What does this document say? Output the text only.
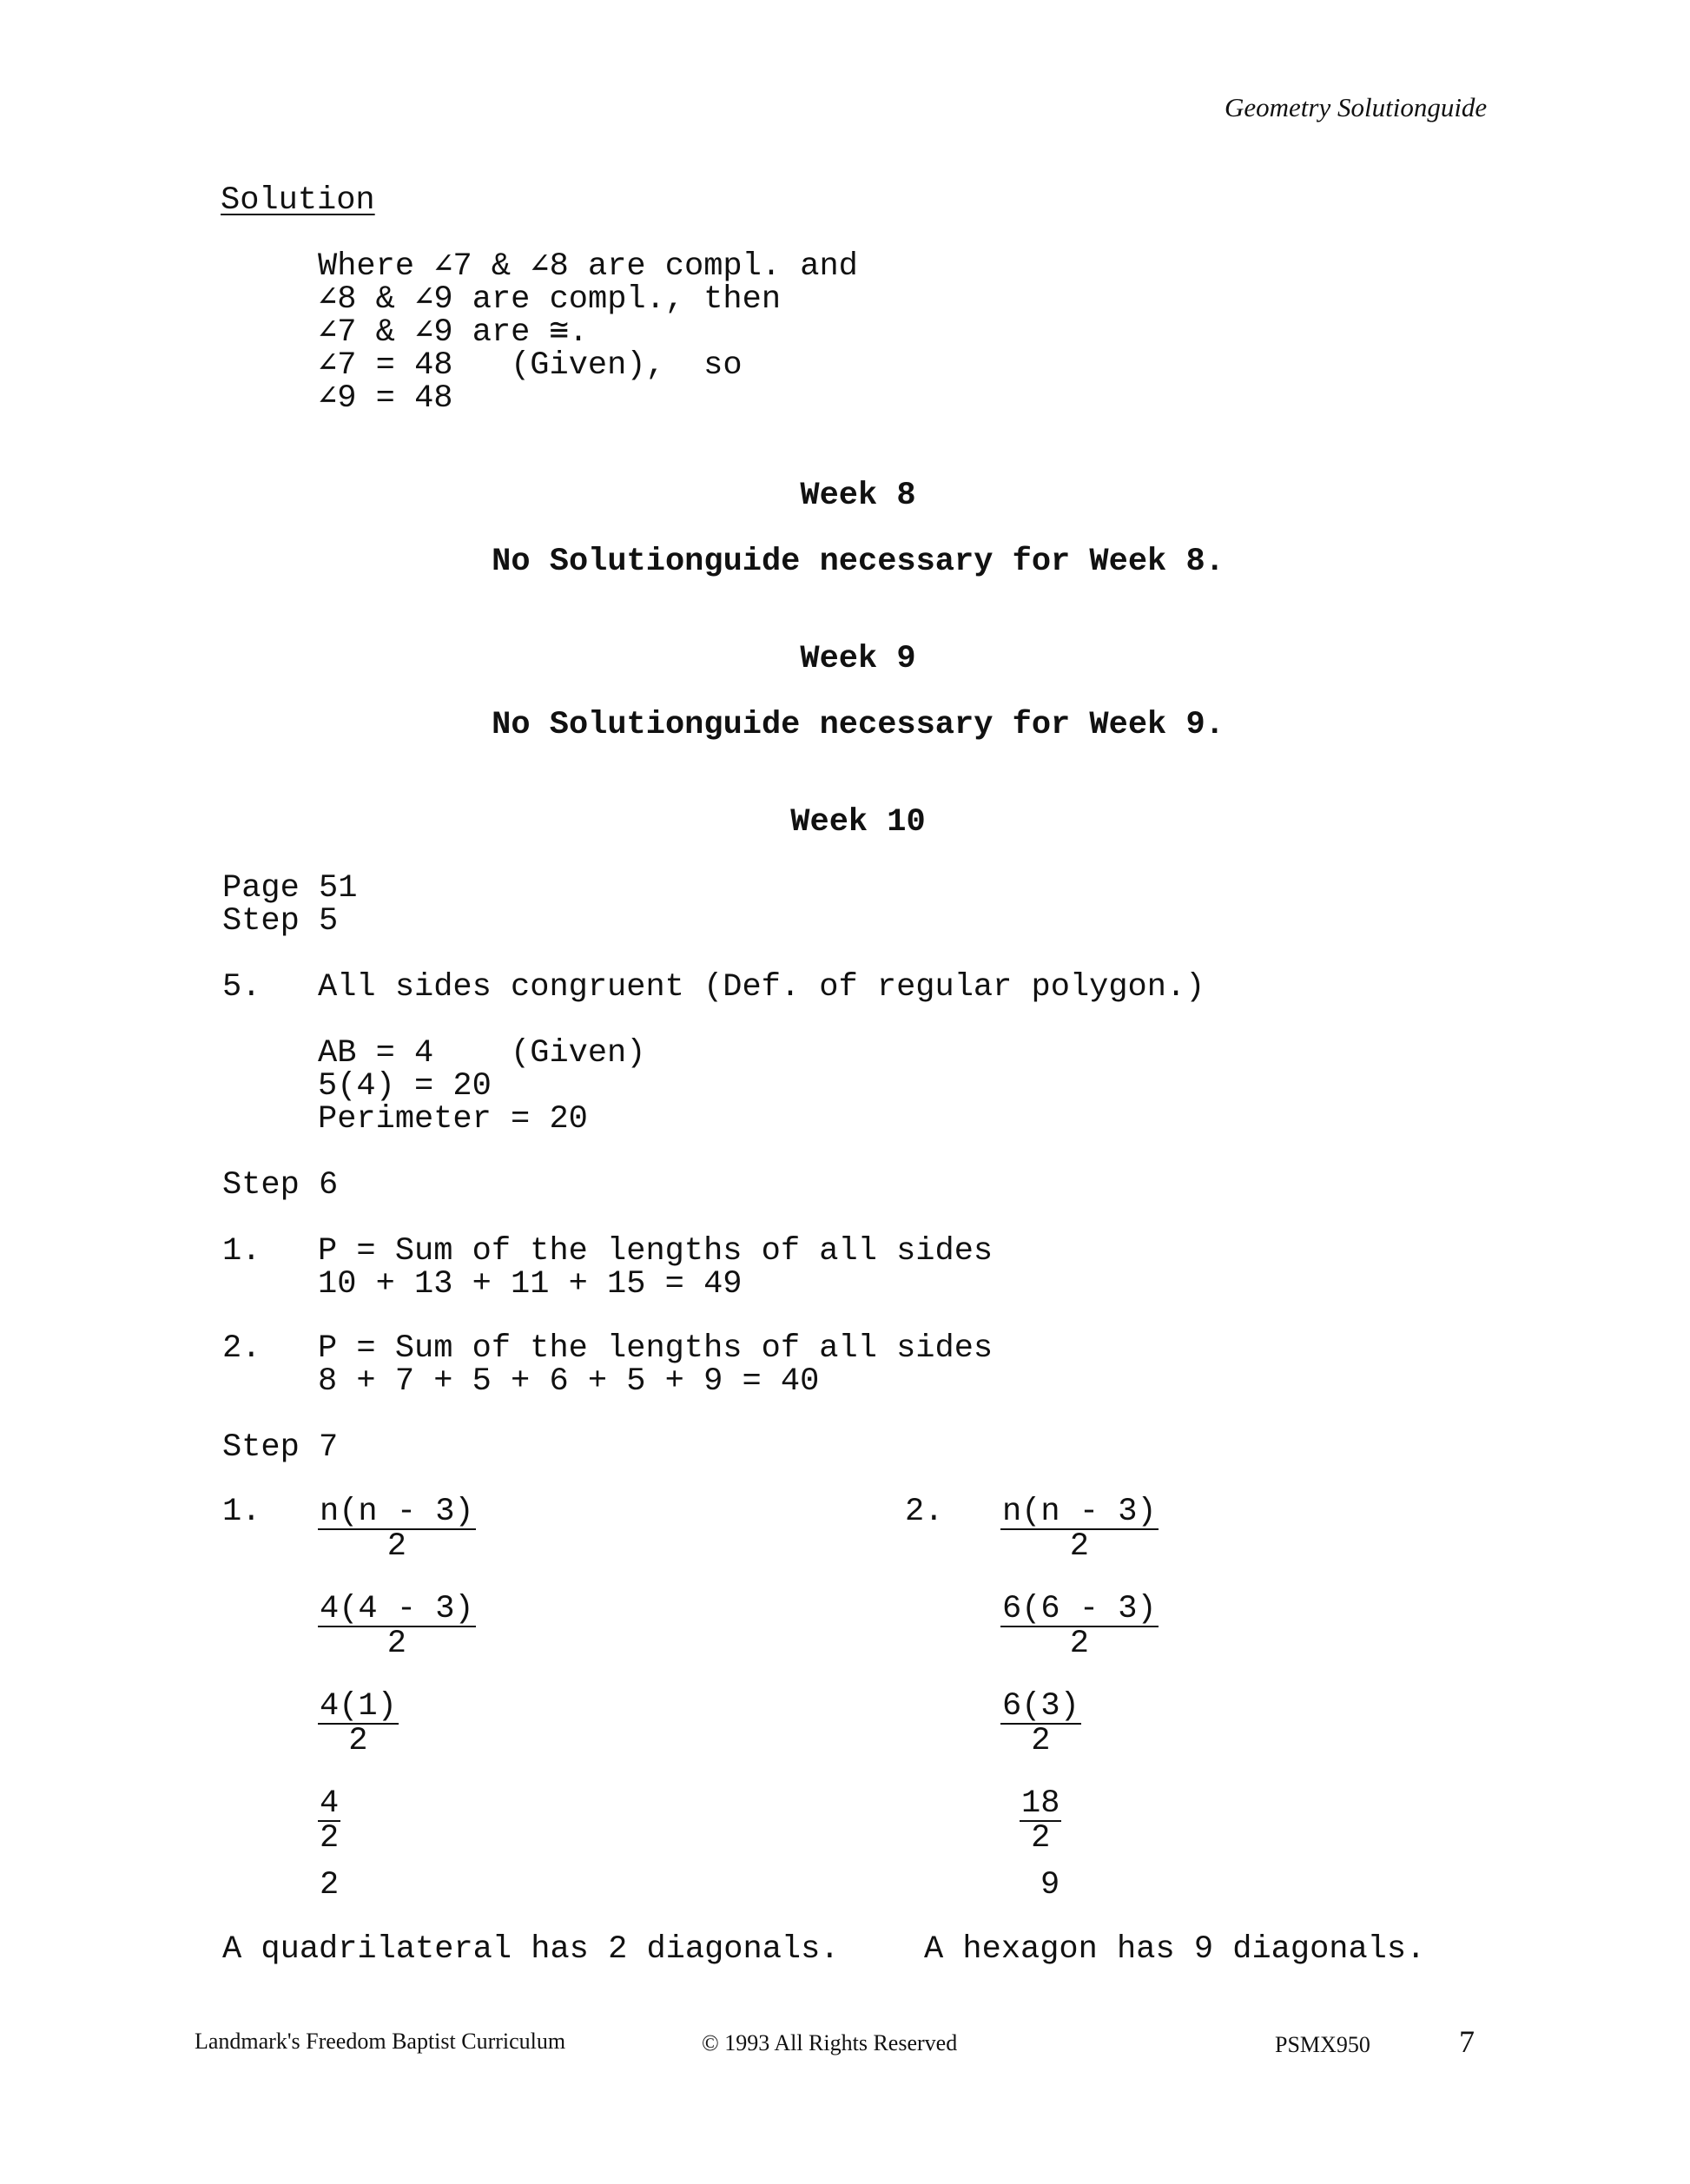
Geometry Solutionguide
Solution
Where ∠7 & ∠8 are compl. and
∠8 & ∠9 are compl., then
∠7 & ∠9 are ≅.
∠7 = 48   (Given),  so
∠9 = 48
Week 8
No Solutionguide necessary for Week 8.
Week 9
No Solutionguide necessary for Week 9.
Week 10
Page 51
Step 5
5. All sides congruent (Def. of regular polygon.)
AB = 4    (Given)
5(4) = 20
Perimeter = 20
Step 6
1. P = Sum of the lengths of all sides
10 + 13 + 11 + 15 = 49
2. P = Sum of the lengths of all sides
8 + 7 + 5 + 6 + 5 + 9 = 40
Step 7
1. $\frac{n(n - 3)}{2}$
$\frac{4(4 - 3)}{2}$
$\frac{4(1)}{2}$
$\frac{4}{2}$
2
A quadrilateral has 2 diagonals.
2. $\frac{n(n - 3)}{2}$
$\frac{6(6 - 3)}{2}$
$\frac{6(3)}{2}$
$\frac{18}{2}$
9
A hexagon has 9 diagonals.
Landmark's Freedom Baptist Curriculum	© 1993 All Rights Reserved	PSMX950	7
